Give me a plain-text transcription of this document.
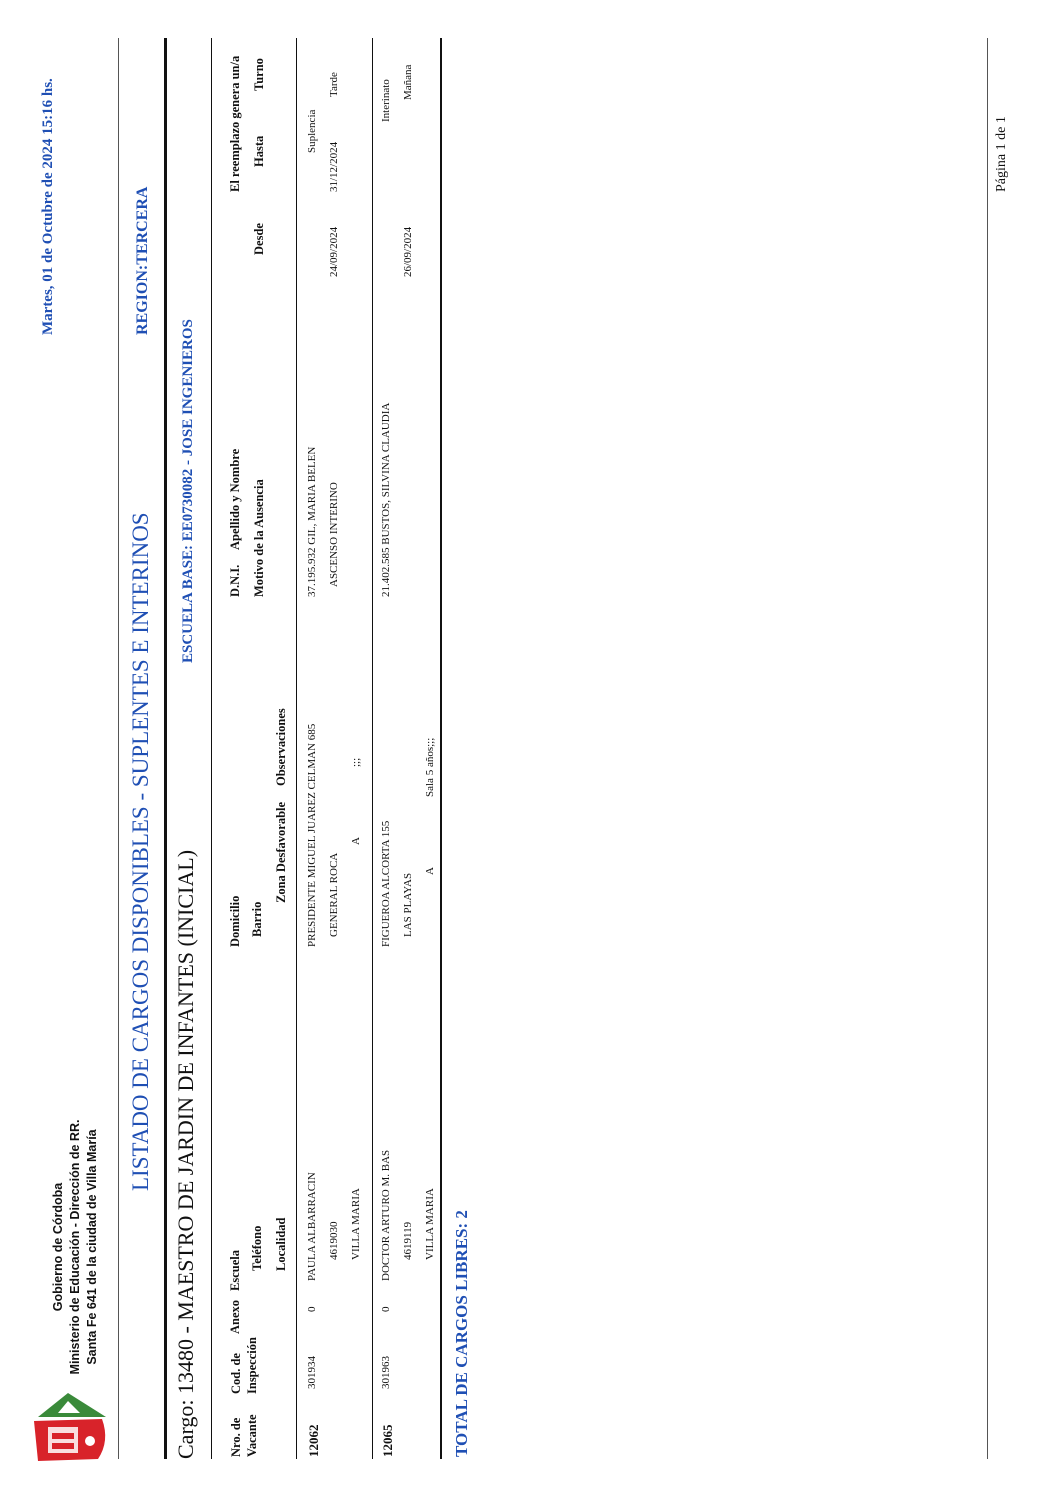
Gobierno de Córdoba Ministerio de Educación - Dirección de RR. Santa Fe 641 de la ciudad de Villa María
Martes, 01 de Octubre de 2024 15:16 hs.
LISTADO DE CARGOS DISPONIBLES - SUPLENTES E INTERINOS
REGION:TERCERA
Cargo: 13480 - MAESTRO DE JARDIN DE INFANTES (INICIAL)
ESCUELA BASE: EE0730082 - JOSE INGENIEROS
Nro. de Vacante
Cod. de Inspección
Anexo
Escuela Teléfono Localidad
Domicilio Barrio
Zona Desfavorable
Observaciones
D.N.I.
Apellido y Nombre Motivo de la Ausencia
El reemplazo genera un/a
Desde
Hasta
Turno
12062
301934
0
PAULA ALBARRACIN 4619030 VILLA MARIA
PRESIDENTE MIGUEL JUAREZ CELMAN 685 GENERAL ROCA
A
;;;
37.195.932 GIL, MARIA BELEN ASCENSO INTERINO
Suplencia
24/09/2024
31/12/2024
Tarde
12065
301963
0
DOCTOR ARTURO M. BAS 4619119 VILLA MARIA
FIGUEROA ALCORTA 155 LAS PLAYAS
A
Sala 5 años;;;
21.402.585 BUSTOS, SILVINA CLAUDIA
Interinato
26/09/2024
Mañana
TOTAL DE CARGOS LIBRES: 2
Página 1 de 1
